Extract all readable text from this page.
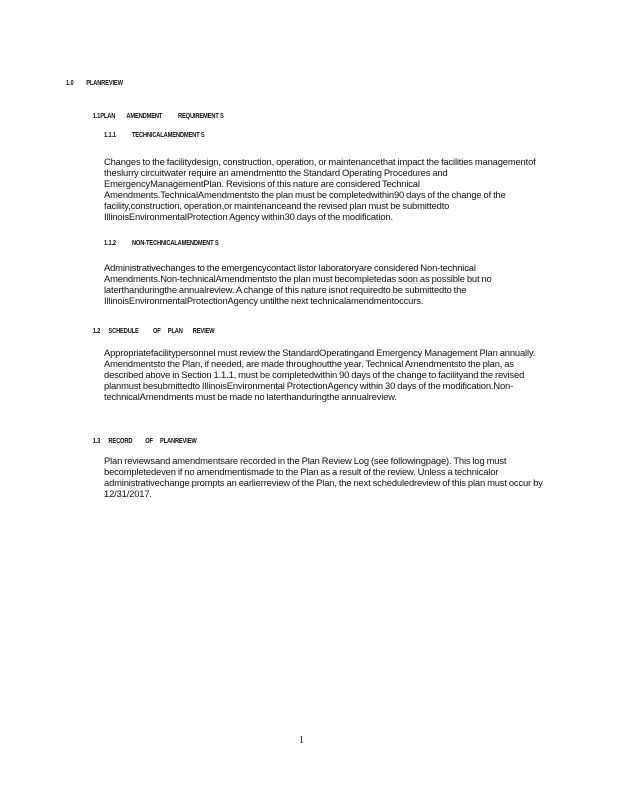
1.0 PLANREVIEW

1.1PLAN        AMENDMENT           REQUIREMENT S

1.1.1 TECHNICALAMENDMENT S
Changes to the facilitydesign, construction, operation, or maintenancethat impact the facilities managementof theslurry circuitwater require an amendmentto the Standard Operating Procedures and EmergencyManagementPlan. Revisions of this nature are considered Technical Amendments.TechnicalAmendmentsto the plan must be completedwithin90 days of the change of the facility,construction, operation,or maintenanceand the revised plan must be submittedto IllinoisEnvironmentalProtection Agency within30 days of the modification.
1.1.2 NON-TECHNICALAMENDMENT S
Administrativechanges to the emergencycontact listor laboratoryare considered Non-technical Amendments.Non-technicalAmendmentsto the plan must becompletedas soon as possible but no laterthanduringthe annualreview. A change of this nature isnot requiredto be submittedto the IllinoisEnvironmentalProtectionAgency untilthe next technicalamendmentoccurs.

1.2 SCHEDULE          OF     PLAN       REVIEW

Appropriatefacilitypersonnel must review the StandardOperatingand Emergency Management Plan annually. Amendmentsto the Plan, if needed, are made throughoutthe year. Technical Amendmentsto the plan, as described above in Section 1.1.1, must be completedwithin 90 days of the change to facilityand the revised planmust besubmittedto IllinoisEnvironmental ProtectionAgency within 30 days of the modification.Non-technicalAmendments must be made no laterthanduringthe annualreview.

1.3 RECORD         OF     PLANREVIEW

Plan reviewsand amendmentsare recorded in the Plan Review Log (see followingpage). This log must becompletedeven if no amendmentismade to the Plan as a result of the review. Unless a technicalor administrativechange prompts an earlierreview of the Plan, the next scheduledreview of this plan must occur by 12/31/2017.
1
